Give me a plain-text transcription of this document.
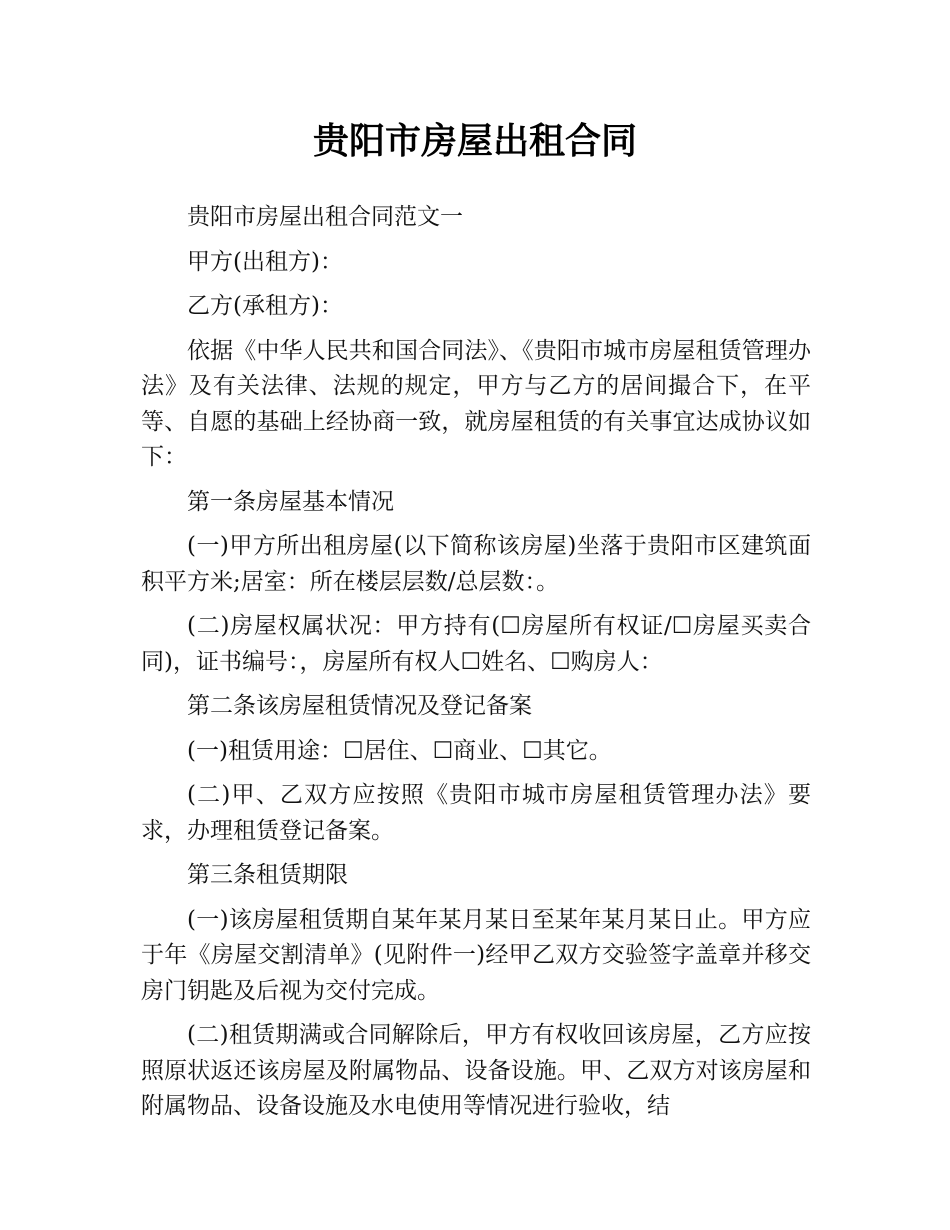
贵阳市房屋出租合同

贵阳市房屋出租合同范文一

甲方(出租方)：

乙方(承租方)：

依据《中华人民共和国合同法》、《贵阳市城市房屋租赁管理办法》及有关法律、法规的规定，甲方与乙方的居间撮合下，在平等、自愿的基础上经协商一致，就房屋租赁的有关事宜达成协议如下：

第一条房屋基本情况

(一)甲方所出租房屋(以下简称该房屋)坐落于贵阳市区建筑面积平方米;居室：所在楼层层数/总层数：。

(二)房屋权属状况：甲方持有(☐房屋所有权证/☐房屋买卖合同)，证书编号：，房屋所有权人☐姓名、☐购房人：

第二条该房屋租赁情况及登记备案

(一)租赁用途：☐居住、☐商业、☐其它。

(二)甲、乙双方应按照《贵阳市城市房屋租赁管理办法》要求，办理租赁登记备案。

第三条租赁期限

(一)该房屋租赁期自某年某月某日至某年某月某日止。甲方应于年《房屋交割清单》(见附件一)经甲乙双方交验签字盖章并移交房门钥匙及后视为交付完成。

(二)租赁期满或合同解除后，甲方有权收回该房屋，乙方应按照原状返还该房屋及附属物品、设备设施。甲、乙双方对该房屋和附属物品、设备设施及水电使用等情况进行验收，结
